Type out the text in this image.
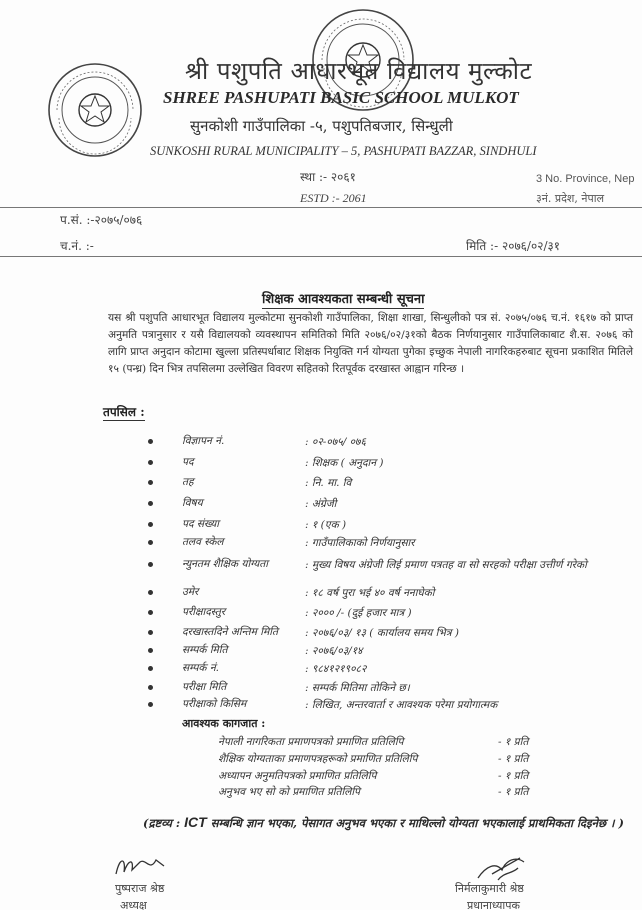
श्री पशुपति आधारभूत विद्यालय मुल्कोट
SHREE PASHUPATI BASIC SCHOOL MULKOT
सुनकोशी गाउँपालिका -५, पशुपतिबजार, सिन्धुली
SUNKOSHI RURAL MUNICIPALITY – 5, PASHUPATI BAZZAR, SINDHULI
स्था :- २०६१
ESTD :- 2061
3 No. Province, Nep
३नं. प्रदेश, नेपाल
प.सं. :-२०७५/०७६
च.नं. :-	मिति :- २०७६/०२/३१
शिक्षक आवश्यकता सम्बन्धी सूचना
यस श्री पशुपति आधारभूत विद्यालय मुल्कोटमा सुनकोशी गाउँपालिका, शिक्षा शाखा, सिन्धुलीको पत्र सं. २०७५/०७६ च.नं. १६१७ को प्राप्त अनुमति पत्रानुसार र यसै विद्यालयको व्यवस्थापन समितिको मिति २०७६/०२/३१को बैठक निर्णयानुसार गाउँपालिकाबाट शै.स. २०७६ को लागि प्राप्त अनुदान कोटामा खुल्ला प्रतिस्पर्धाबाट शिक्षक नियुक्ति गर्न योग्यता पुगेका इच्छुक नेपाली नागरिकहरुबाट सूचना प्रकाशित मितिले १५ (पन्ध्र) दिन भित्र तपसिलमा उल्लेखित विवरण सहितको रितपूर्वक दरखास्त आह्वान गरिन्छ ।
तपसिल :
विज्ञापन नं.	: ०२-०७५/ ०७६
पद	: शिक्षक ( अनुदान )
तह	: नि. मा. वि
विषय	: अंग्रेजी
पद संख्या	: १ (एक )
तलव स्केल	: गाउँपालिकाको निर्णयानुसार
न्युनतम शैक्षिक योग्यता	: मुख्य विषय अंग्रेजी लिई प्रमाण पत्रतह वा सो सरहको परीक्षा उत्तीर्ण गरेको
उमेर	: १८ वर्ष पुरा भई ४० वर्ष ननाघेको
परीक्षादस्तुर	: २००० /- (दुई हजार मात्र )
दरखास्तदिने अन्तिम मिति	: २०७६/०३/ १३ ( कार्यालय समय भित्र )
सम्पर्क मिति	: २०७६/०३/१४
सम्पर्क नं.	: ९८४१२१९०८२
परीक्षा मिति	: सम्पर्क मितिमा तोकिने छ।
परीक्षाको किसिम	: लिखित, अन्तरवार्ता र आवश्यक परेमा प्रयोगात्मक
आवश्यक कागजात :
नेपाली नागरिकता प्रमाणपत्रको प्रमाणित प्रतिलिपि	- १ प्रति
शैक्षिक योग्यताका प्रमाणपत्रहरूको प्रमाणित प्रतिलिपि	- १ प्रति
अध्यापन अनुमतिपत्रको प्रमाणित प्रतिलिपि	- १ प्रति
अनुभव भए सो को प्रमाणित प्रतिलिपि	- १ प्रति
(द्रष्टव्य : ICT सम्बन्धि ज्ञान भएका, पेसागत अनुभव भएका र माथिल्लो योग्यता भएकालाई प्राथमिकता दिइनेछ । )
पुष्पराज श्रेष्ठ
अध्यक्ष
निर्मलाकुमारी श्रेष्ठ
प्रधानाध्यापक
